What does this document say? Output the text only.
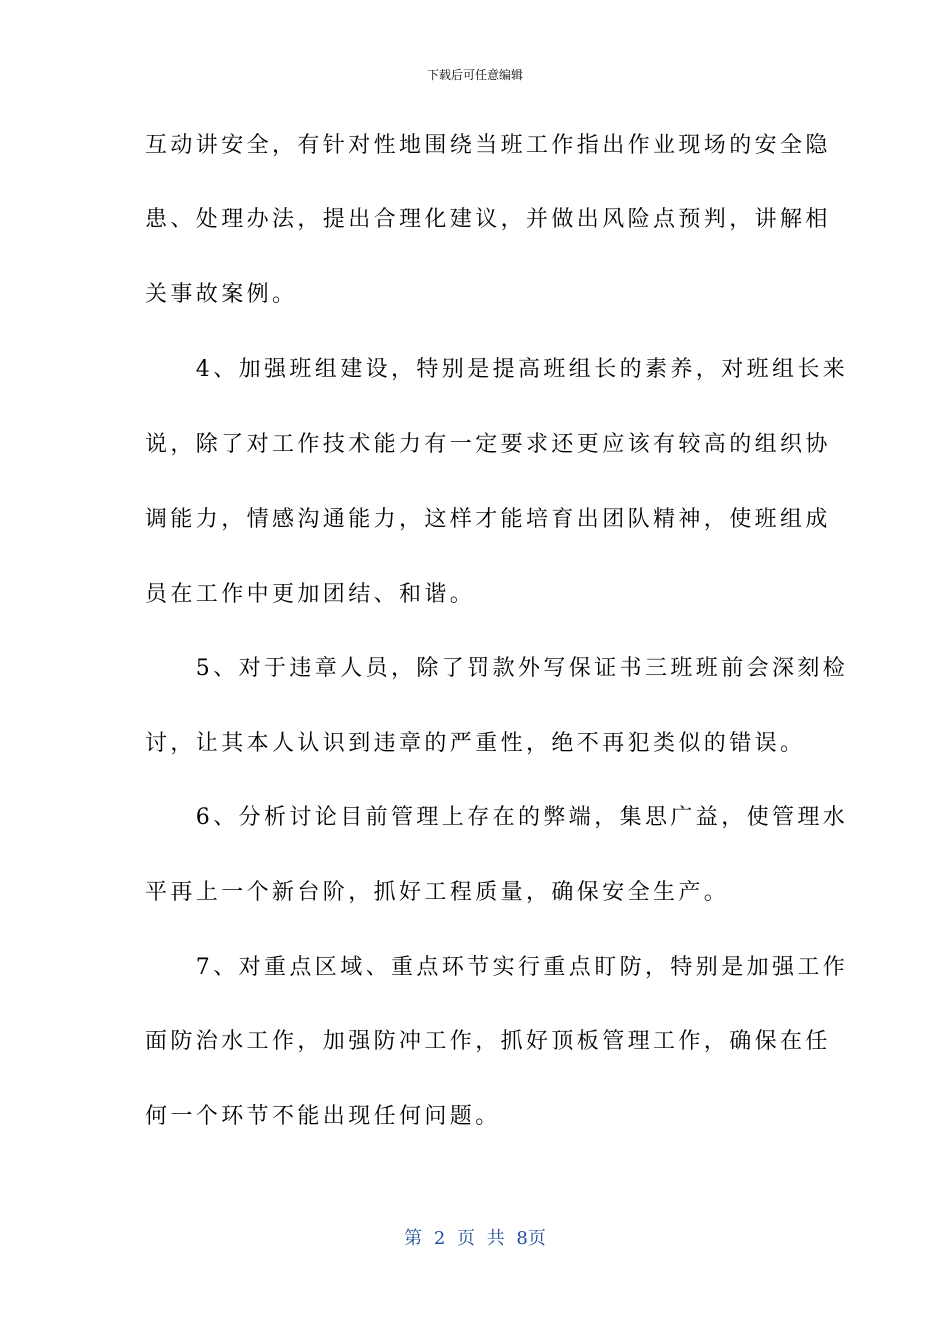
下载后可任意编辑
互动讲安全，有针对性地围绕当班工作指出作业现场的安全隐
患、处理办法，提出合理化建议，并做出风险点预判，讲解相
关事故案例。
　　4、加强班组建设，特别是提高班组长的素养，对班组长来
说，除了对工作技术能力有一定要求还更应该有较高的组织协
调能力，情感沟通能力，这样才能培育出团队精神，使班组成
员在工作中更加团结、和谐。
　　5、对于违章人员，除了罚款外写保证书三班班前会深刻检
讨，让其本人认识到违章的严重性，绝不再犯类似的错误。
　　6、分析讨论目前管理上存在的弊端，集思广益，使管理水
平再上一个新台阶，抓好工程质量，确保安全生产。
　　7、对重点区域、重点环节实行重点盯防，特别是加强工作
面防治水工作，加强防冲工作，抓好顶板管理工作，确保在任
何一个环节不能出现任何问题。
第 2 页 共 8页
